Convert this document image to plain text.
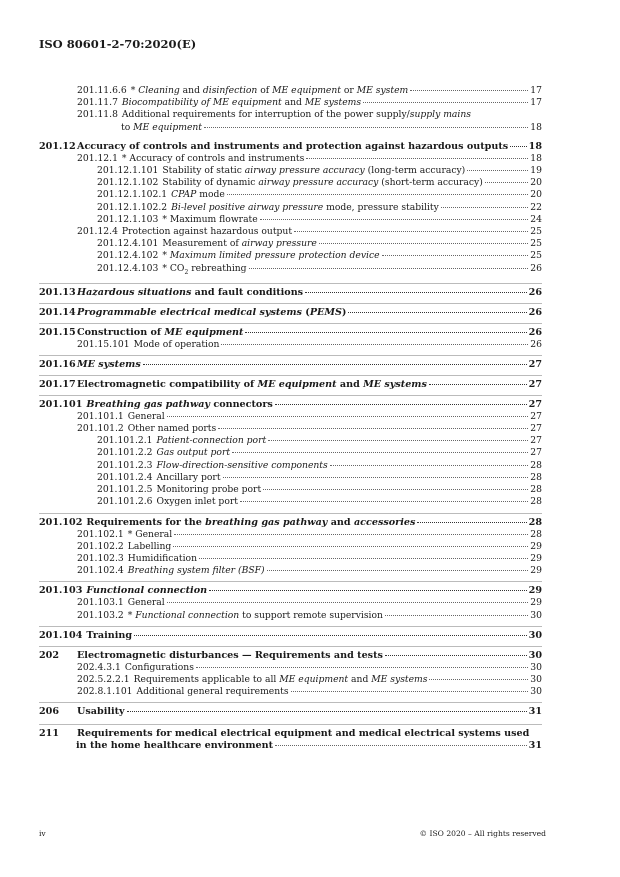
ISO 80601-2-70:2020(E)
201.11.6.6 * Cleaning and disinfection of ME equipment or ME system	17
201.11.7 Biocompatibility of ME equipment and ME systems	17
201.11.8 Additional requirements for interruption of the power supply/supply mains
to ME equipment	18
201.12 Accuracy of controls and instruments and protection against hazardous outputs 18
201.12.1 * Accuracy of controls and instruments	18
201.12.1.101 Stability of static airway pressure accuracy (long-term accuracy)	19
201.12.1.102 Stability of dynamic airway pressure accuracy (short-term accuracy)	20
201.12.1.102.1 CPAP mode	20
201.12.1.102.2 Bi-level positive airway pressure mode, pressure stability	22
201.12.1.103 * Maximum flowrate	24
201.12.4 Protection against hazardous output	25
201.12.4.101 Measurement of airway pressure	25
201.12.4.102 * Maximum limited pressure protection device	25
$201.12.4.103 * CO_2$ rebreathing	26
201.13 Hazardous situations and fault conditions	26
201.14 Programmable electrical medical systems (PEMS)	26
201.15 Construction of ME equipment	26
201.15.101 Mode of operation	26
201.16 ME systems	27
201.17 Electromagnetic compatibility of ME equipment and ME systems	27
201.101 Breathing gas pathway connectors	27
201.101.1 General	27
201.101.2 Other named ports	27
201.101.2.1 Patient-connection port	27
201.101.2.2 Gas output port	27
201.101.2.3 Flow-direction-sensitive components	28
201.101.2.4 Ancillary port	28
201.101.2.5 Monitoring probe port	28
201.101.2.6 Oxygen inlet port	28
201.102 Requirements for the breathing gas pathway and accessories	28
201.102.1 * General	28
201.102.2 Labelling	29
201.102.3 Humidification	29
201.102.4 Breathing system filter (BSF)	29
201.103 Functional connection	29
201.103.1 General	29
201.103.2 * Functional connection to support remote supervision	30
201.104 Training	30
202	Electromagnetic disturbances — Requirements and tests	30
202.4.3.1 Configurations	30
202.5.2.2.1 Requirements applicable to all ME equipment and ME systems	30
202.8.1.101 Additional general requirements	30
206	Usability	31
211	Requirements for medical electrical equipment and medical electrical systems used
in the home healthcare environment	31
iv	© ISO 2020 – All rights reserved
